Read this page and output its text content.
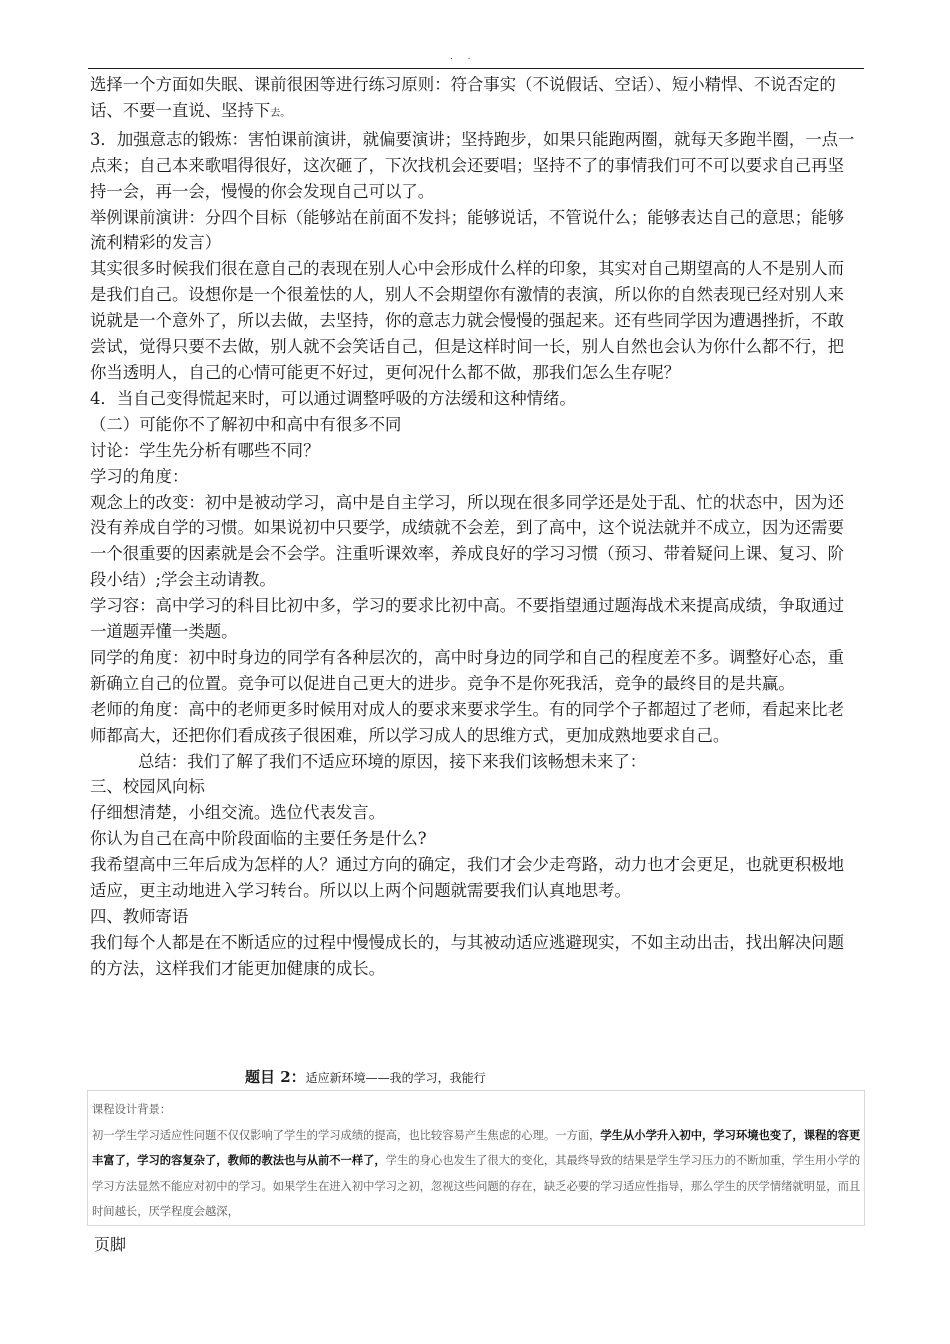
. .

选择一个方面如失眠、课前很困等进行练习原则：符合事实（不说假话、空话）、短小精悍、不说否定的话、不要一直说、坚持下去。

3．加强意志的锻炼：害怕课前演讲，就偏要演讲；坚持跑步，如果只能跑两圈，就每天多跑半圈，一点一点来；自己本来歌唱得很好，这次砸了，下次找机会还要唱；坚持不了的事情我们可不可以要求自己再坚持一会，再一会，慢慢的你会发现自己可以了。

举例课前演讲：分四个目标（能够站在前面不发抖；能够说话，不管说什么；能够表达自己的意思；能够流利精彩的发言）

其实很多时候我们很在意自己的表现在别人心中会形成什么样的印象，其实对自己期望高的人不是别人而是我们自己。设想你是一个很羞怯的人，别人不会期望你有激情的表演，所以你的自然表现已经对别人来说就是一个意外了，所以去做，去坚持，你的意志力就会慢慢的强起来。还有些同学因为遭遇挫折，不敢尝试，觉得只要不去做，别人就不会笑话自己，但是这样时间一长，别人自然也会认为你什么都不行，把你当透明人，自己的心情可能更不好过，更何况什么都不做，那我们怎么生存呢？

4．当自己变得慌起来时，可以通过调整呼吸的方法缓和这种情绪。

（二）可能你不了解初中和高中有很多不同

讨论：学生先分析有哪些不同？

学习的角度：

观念上的改变：初中是被动学习，高中是自主学习，所以现在很多同学还是处于乱、忙的状态中，因为还没有养成自学的习惯。如果说初中只要学，成绩就不会差，到了高中，这个说法就并不成立，因为还需要一个很重要的因素就是会不会学。注重听课效率，养成良好的学习习惯（预习、带着疑问上课、复习、阶段小结）;学会主动请教。

学习容：高中学习的科目比初中多，学习的要求比初中高。不要指望通过题海战术来提高成绩，争取通过一道题弄懂一类题。

同学的角度：初中时身边的同学有各种层次的，高中时身边的同学和自己的程度差不多。调整好心态，重新确立自己的位置。竞争可以促进自己更大的进步。竞争不是你死我活，竞争的最终目的是共赢。

老师的角度：高中的老师更多时候用对成人的要求来要求学生。有的同学个子都超过了老师，看起来比老师都高大，还把你们看成孩子很困难，所以学习成人的思维方式，更加成熟地要求自己。

总结：我们了解了我们不适应环境的原因，接下来我们该畅想未来了：

三、校园风向标

仔细想清楚，小组交流。选位代表发言。

你认为自己在高中阶段面临的主要任务是什么?

我希望高中三年后成为怎样的人？通过方向的确定，我们才会少走弯路，动力也才会更足，也就更积极地适应，更主动地进入学习转台。所以以上两个问题就需要我们认真地思考。

四、教师寄语

我们每个人都是在不断适应的过程中慢慢成长的，与其被动适应逃避现实，不如主动出击，找出解决问题的方法，这样我们才能更加健康的成长。

题目 2：适应新环境——我的学习，我能行

课程设计背景：

初一学生学习适应性问题不仅仅影响了学生的学习成绩的提高，也比较容易产生焦虑的心理。一方面，学生从小学升入初中，学习环境也变了，课程的容更丰富了，学习的容复杂了，教师的教法也与从前不一样了，学生的身心也发生了很大的变化，其最终导致的结果是学生学习压力的不断加重，学生用小学的学习方法显然不能应对初中的学习。如果学生在进入初中学习之初，忽视这些问题的存在，缺乏必要的学习适应性指导，那么学生的厌学情绪就明显，而且时间越长，厌学程度会越深，

页脚
